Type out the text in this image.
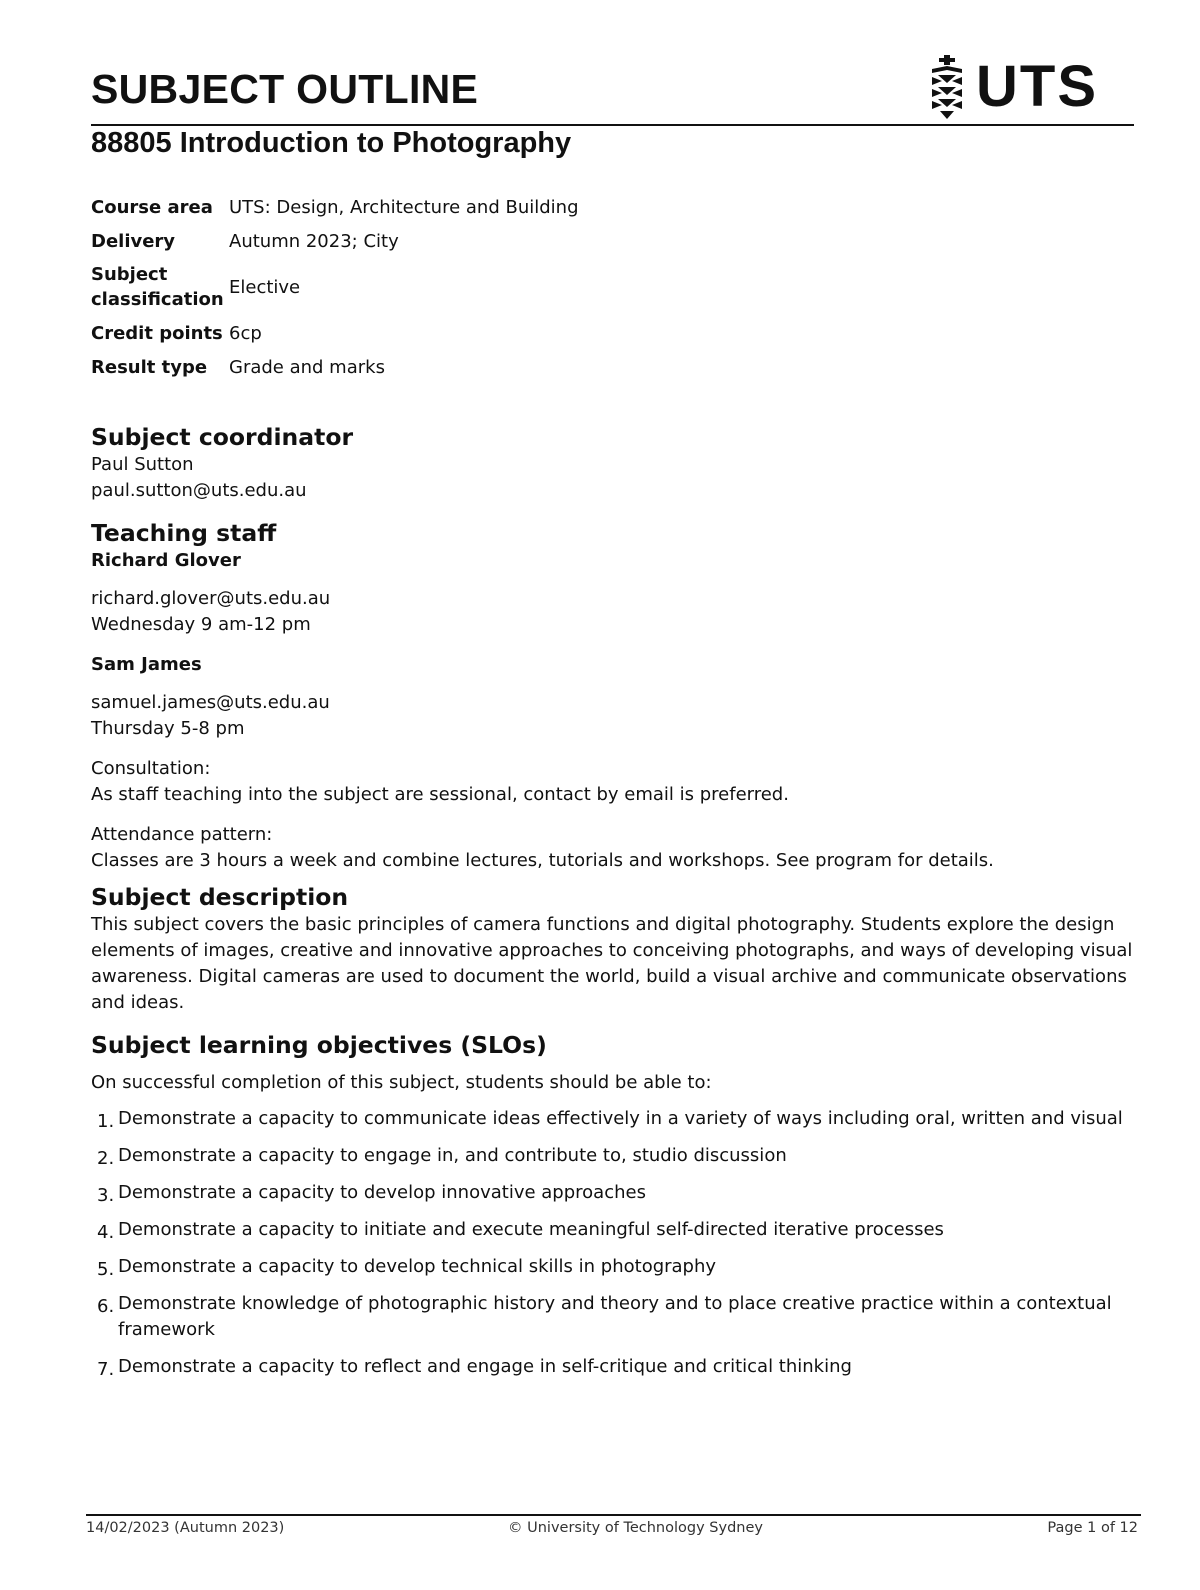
SUBJECT OUTLINE	UTS
88805 Introduction to Photography
Course area	UTS: Design, Architecture and Building
Delivery	Autumn 2023; City
Subject
classification	Elective
Credit points	6cp
Result type	Grade and marks
Subject coordinator

Paul Sutton

paul.sutton@uts.edu.au

Teaching staff

Richard Glover

richard.glover@uts.edu.au

Wednesday 9 am-12 pm

Sam James

samuel.james@uts.edu.au

Thursday 5-8 pm

Consultation:

As staff teaching into the subject are sessional, contact by email is preferred.

Attendance pattern:

Classes are 3 hours a week and combine lectures, tutorials and workshops. See program for details.

Subject description

This subject covers the basic principles of camera functions and digital photography. Students explore the design elements of images, creative and innovative approaches to conceiving photographs, and ways of developing visual awareness. Digital cameras are used to document the world, build a visual archive and communicate observations and ideas.

Subject learning objectives (SLOs)

On successful completion of this subject, students should be able to:

1. Demonstrate a capacity to communicate ideas effectively in a variety of ways including oral, written and visual
2. Demonstrate a capacity to engage in, and contribute to, studio discussion
3. Demonstrate a capacity to develop innovative approaches
4. Demonstrate a capacity to initiate and execute meaningful self-directed iterative processes
5. Demonstrate a capacity to develop technical skills in photography
6. Demonstrate knowledge of photographic history and theory and to place creative practice within a contextual framework
7. Demonstrate a capacity to reflect and engage in self-critique and critical thinking
14/02/2023 (Autumn 2023)	© University of Technology Sydney	Page 1 of 12
